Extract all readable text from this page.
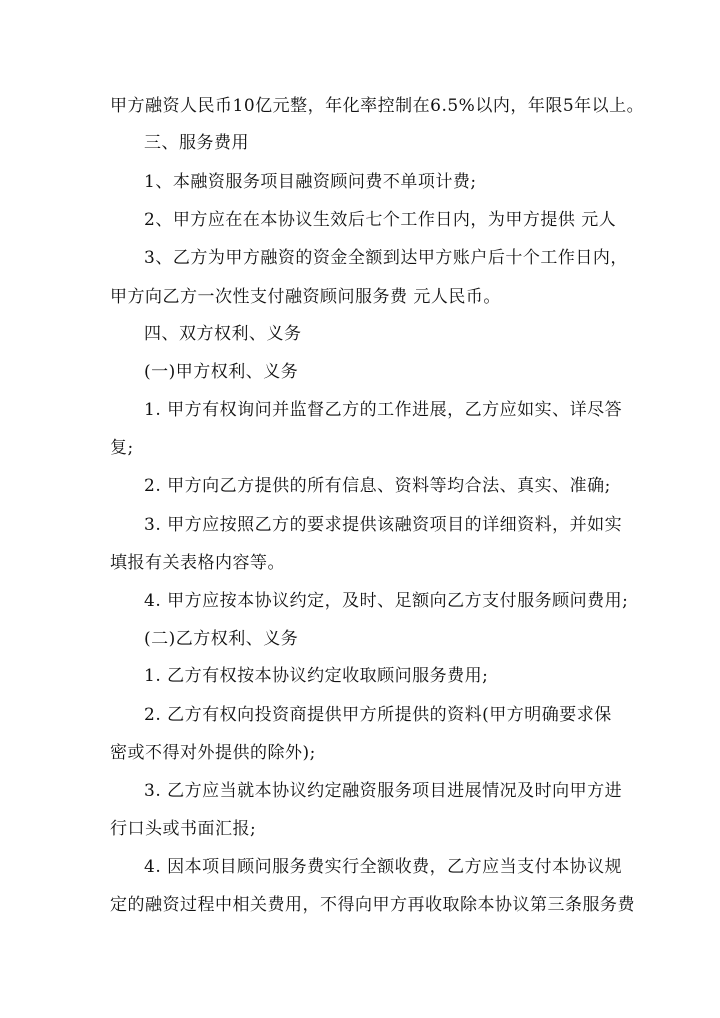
甲方融资人民币10亿元整，年化率控制在6.5%以内，年限5年以上。
三、服务费用
1、本融资服务项目融资顾问费不单项计费;
2、甲方应在在本协议生效后七个工作日内，为甲方提供 元人
3、乙方为甲方融资的资金全额到达甲方账户后十个工作日内，
甲方向乙方一次性支付融资顾问服务费 元人民币。
四、双方权利、义务
(一)甲方权利、义务
1. 甲方有权询问并监督乙方的工作进展，乙方应如实、详尽答
复;
2. 甲方向乙方提供的所有信息、资料等均合法、真实、准确;
3. 甲方应按照乙方的要求提供该融资项目的详细资料，并如实
填报有关表格内容等。
4. 甲方应按本协议约定，及时、足额向乙方支付服务顾问费用;
(二)乙方权利、义务
1. 乙方有权按本协议约定收取顾问服务费用;
2. 乙方有权向投资商提供甲方所提供的资料(甲方明确要求保
密或不得对外提供的除外);
3. 乙方应当就本协议约定融资服务项目进展情况及时向甲方进
行口头或书面汇报;
4. 因本项目顾问服务费实行全额收费，乙方应当支付本协议规
定的融资过程中相关费用，不得向甲方再收取除本协议第三条服务费
